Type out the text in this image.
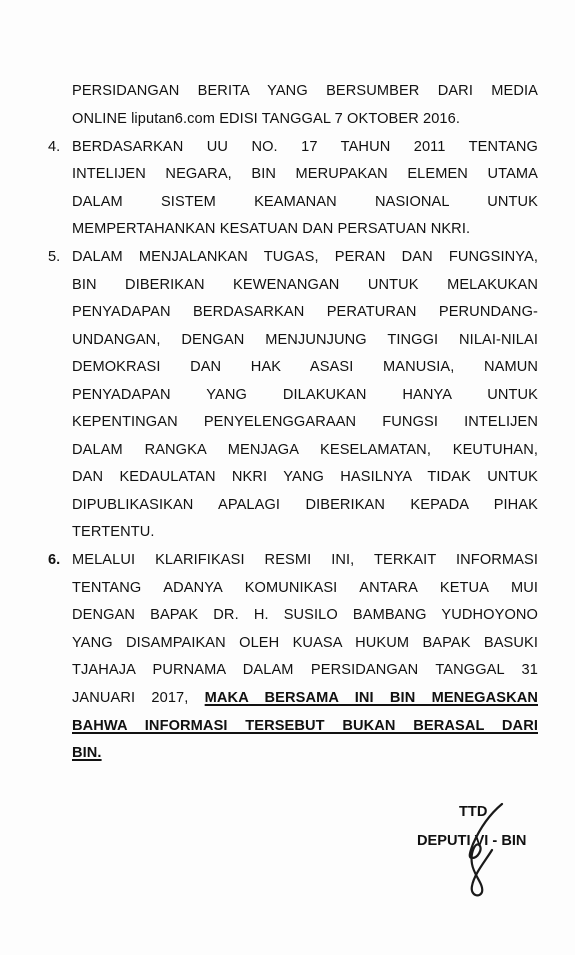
PERSIDANGAN BERITA YANG BERSUMBER DARI MEDIA
ONLINE liputan6.com EDISI TANGGAL 7 OKTOBER 2016.
4. BERDASARKAN UU NO. 17 TAHUN 2011 TENTANG
INTELIJEN NEGARA, BIN MERUPAKAN ELEMEN UTAMA
DALAM SISTEM KEAMANAN NASIONAL UNTUK
MEMPERTAHANKAN KESATUAN DAN PERSATUAN NKRI.
5. DALAM MENJALANKAN TUGAS, PERAN DAN FUNGSINYA,
BIN DIBERIKAN KEWENANGAN UNTUK MELAKUKAN
PENYADAPAN BERDASARKAN PERATURAN PERUNDANG-
UNDANGAN, DENGAN MENJUNJUNG TINGGI NILAI-NILAI
DEMOKRASI DAN HAK ASASI MANUSIA, NAMUN
PENYADAPAN YANG DILAKUKAN HANYA UNTUK
KEPENTINGAN PENYELENGGARAAN FUNGSI INTELIJEN
DALAM RANGKA MENJAGA KESELAMATAN, KEUTUHAN,
DAN KEDAULATAN NKRI YANG HASILNYA TIDAK UNTUK
DIPUBLIKASIKAN APALAGI DIBERIKAN KEPADA PIHAK
TERTENTU.
6. MELALUI KLARIFIKASI RESMI INI, TERKAIT INFORMASI
TENTANG ADANYA KOMUNIKASI ANTARA KETUA MUI
DENGAN BAPAK DR. H. SUSILO BAMBANG YUDHOYONO
YANG DISAMPAIKAN OLEH KUASA HUKUM BAPAK BASUKI
TJAHAJA PURNAMA DALAM PERSIDANGAN TANGGAL 31
JANUARI 2017, MAKA BERSAMA INI BIN MENEGASKAN
BAHWA INFORMASI TERSEBUT BUKAN BERASAL DARI
BIN.
TTD
DEPUTI VI - BIN
